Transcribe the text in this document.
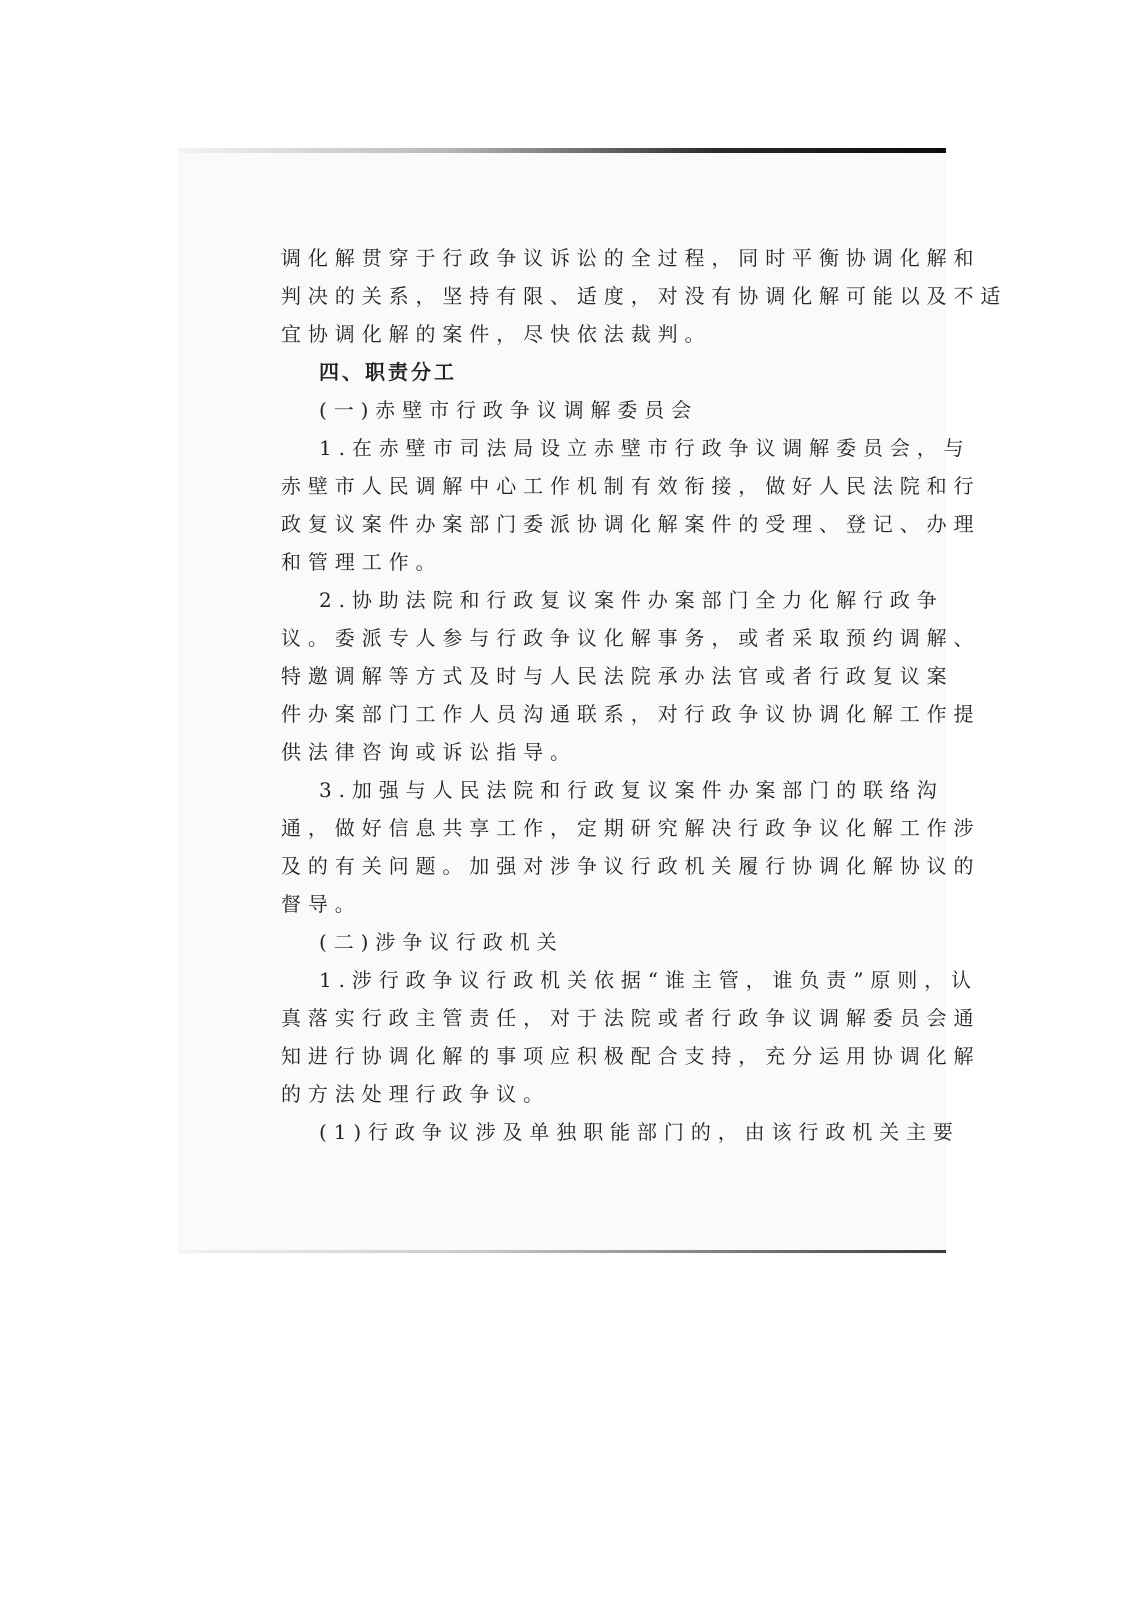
调化解贯穿于行政争议诉讼的全过程，同时平衡协调化解和
判决的关系，坚持有限、适度，对没有协调化解可能以及不适
宜协调化解的案件，尽快依法裁判。
四、职责分工
(一)赤壁市行政争议调解委员会
1.在赤壁市司法局设立赤壁市行政争议调解委员会，与
赤壁市人民调解中心工作机制有效衔接，做好人民法院和行
政复议案件办案部门委派协调化解案件的受理、登记、办理
和管理工作。
2.协助法院和行政复议案件办案部门全力化解行政争
议。委派专人参与行政争议化解事务，或者采取预约调解、
特邀调解等方式及时与人民法院承办法官或者行政复议案
件办案部门工作人员沟通联系，对行政争议协调化解工作提
供法律咨询或诉讼指导。
3.加强与人民法院和行政复议案件办案部门的联络沟
通，做好信息共享工作，定期研究解决行政争议化解工作涉
及的有关问题。加强对涉争议行政机关履行协调化解协议的
督导。
(二)涉争议行政机关
1.涉行政争议行政机关依据“谁主管，谁负责”原则，认
真落实行政主管责任，对于法院或者行政争议调解委员会通
知进行协调化解的事项应积极配合支持，充分运用协调化解
的方法处理行政争议。
(1)行政争议涉及单独职能部门的，由该行政机关主要
